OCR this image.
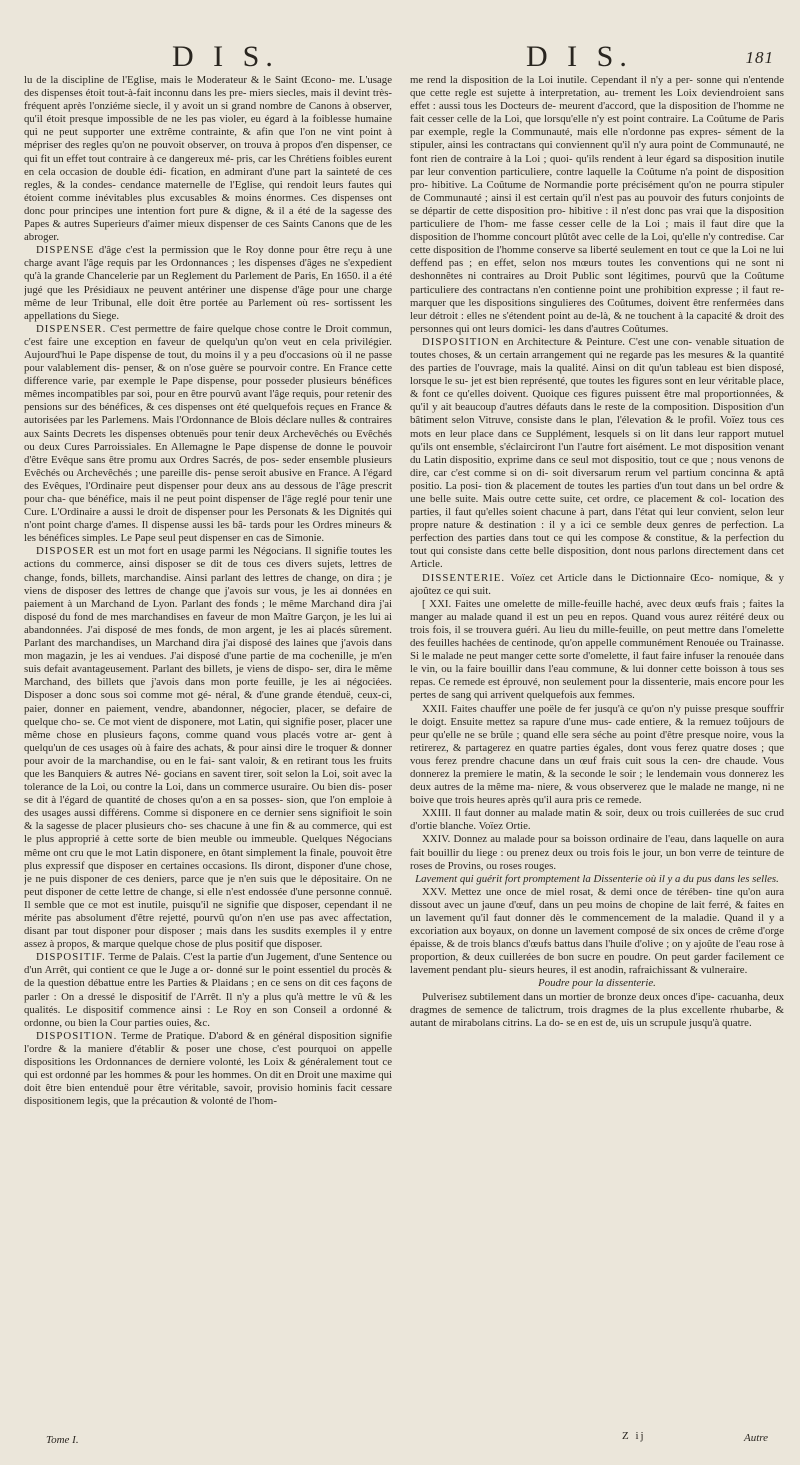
D I S.	D I S.	181

lu de la discipline de l'Eglise, mais le Moderateur & le Saint Œcono- me. L'usage des dispenses étoit tout-à-fait inconnu dans les pre- miers siecles, mais il devint très-fréquent après l'onziéme siecle, il y avoit un si grand nombre de Canons à observer, qu'il étoit presque impossible de ne les pas violer, eu égard à la foiblesse humaine qui ne peut supporter une extrême contrainte, & afin que l'on ne vint point à mépriser des regles qu'on ne pouvoit observer, on trouva à propos d'en dispenser, ce qui fit un effet tout contraire à ce dangereux mé- pris, car les Chrétiens foibles eurent en cela occasion de double édi- fication, en admirant d'une part la sainteté de ces regles, & la condes- cendance maternelle de l'Eglise, qui rendoit leurs fautes qui étoient comme inévitables plus excusables & moins énormes. Ces dispenses ont donc pour principes une intention fort pure & digne, & il a été de la sagesse des Papes & autres Superieurs d'aimer mieux dispenser de ces Saints Canons que de les abroger.

DISPENSE d'âge c'est la permission que le Roy donne pour être reçu à une charge avant l'âge requis par les Ordonnances ; les dispenses d'âges ne s'expedient qu'à la grande Chancelerie par un Reglement du Parlement de Paris, En 1650. il a été jugé que les Présidiaux ne peuvent antériner une dispense d'âge pour une charge même de leur Tribunal, elle doit être portée au Parlement où res- sortissent les appellations du Siege.

DISPENSER. C'est permettre de faire quelque chose contre le Droit commun, c'est faire une exception en faveur de quelqu'un qu'on veut en cela privilégier. Aujourd'hui le Pape dispense de tout, du moins il y a peu d'occasions où il ne passe pour valablement dis- penser, & on n'ose guère se pourvoir contre. En France cette difference varie, par exemple le Pape dispense, pour posseder plusieurs bénéfices mêmes incompatibles par soi, pour en être pourvû avant l'âge requis, pour retenir des pensions sur des bénéfices, & ces dispenses ont été quelquefois reçues en France & autorisées par les Parlemens. Mais l'Ordonnance de Blois déclare nulles & contraires aux Saints Decrets les dispenses obtenuës pour tenir deux Archevêchés ou Evêchés ou deux Cures Parroissiales. En Allemagne le Pape dispense de donne le pouvoir d'être Evêque sans être promu aux Ordres Sacrés, de pos- seder ensemble plusieurs Evêchés ou Archevêchés ; une pareille dis- pense seroit abusive en France. A l'égard des Evêques, l'Ordinaire peut dispenser pour deux ans au dessous de l'âge prescrit pour cha- que bénéfice, mais il ne peut point dispenser de l'âge reglé pour tenir une Cure. L'Ordinaire a aussi le droit de dispenser pour les Personats & les Dignités qui n'ont point charge d'ames. Il dispense aussi les bâ- tards pour les Ordres mineurs & les bénéfices simples. Le Pape seul peut dispenser en cas de Simonie.

DISPOSER est un mot fort en usage parmi les Négocians. Il signifie toutes les actions du commerce, ainsi disposer se dit de tous ces divers sujets, lettres de change, fonds, billets, marchandise. Ainsi parlant des lettres de change, on dira ; je viens de disposer des lettres de change que j'avois sur vous, je les ai données en paiement à un Marchand de Lyon. Parlant des fonds ; le même Marchand dira j'ai disposé du fond de mes marchandises en faveur de mon Maître Garçon, je les lui ai abandonnées. J'ai disposé de mes fonds, de mon argent, je les ai placés sûrement. Parlant des marchandises, un Marchand dira j'ai disposé des laines que j'avois dans mon magazin, je les ai vendues. J'ai disposé d'une partie de ma cochenille, je m'en suis defait avantageusement. Parlant des billets, je viens de dispo- ser, dira le même Marchand, des billets que j'avois dans mon porte feuille, je les ai négociées. Disposer a donc sous soi comme mot gé- néral, & d'une grande étenduë, ceux-ci, paier, donner en paiement, vendre, abandonner, négocier, placer, se defaire de quelque cho- se. Ce mot vient de disponere, mot Latin, qui signifie poser, placer une même chose en plusieurs façons, comme quand vous placés votre ar- gent à quelqu'un de ces usages où à faire des achats, & pour ainsi dire le troquer & donner pour avoir de la marchandise, ou en le fai- sant valoir, & en retirant tous les fruits que les Banquiers & autres Né- gocians en savent tirer, soit selon la Loi, soit avec la tolerance de la Loi, ou contre la Loi, dans un commerce usuraire. Ou bien dis- poser se dit à l'égard de quantité de choses qu'on a en sa posses- sion, que l'on emploie à des usages aussi différens. Comme si disponere en ce dernier sens signifioit le soin & la sagesse de placer plusieurs cho- ses chacune à une fin & au commerce, qui est le plus approprié à cette sorte de bien meuble ou immeuble. Quelques Négocians même ont cru que le mot Latin disponere, en ôtant simplement la finale, pouvoit être plus expressif que disposer en certaines occasions. Ils diront, disponer d'une chose, je ne puis disponer de ces deniers, parce que je n'en suis que le dépositaire. On ne peut disponer de cette lettre de change, si elle n'est endossée d'une personne connuë. Il semble que ce mot est inutile, puisqu'il ne signifie que disposer, cependant il ne mérite pas absolument d'être rejetté, pourvû qu'on n'en use pas avec affectation, disant par tout disponer pour disposer ; mais dans les susdits exemples il y entre assez à propos, & marque quelque chose de plus positif que disposer.

DISPOSITIF. Terme de Palais. C'est la partie d'un Jugement, d'une Sentence ou d'un Arrêt, qui contient ce que le Juge a or- donné sur le point essentiel du procès & de la question débattue entre les Parties & Plaidans ; en ce sens on dit ces façons de parler : On a dressé le dispositif de l'Arrêt. Il n'y a plus qu'à mettre le vû & les qualités. Le dispositif commence ainsi : Le Roy en son Conseil a ordonné & ordonne, ou bien la Cour parties ouies, &c.

DISPOSITION. Terme de Pratique. D'abord & en général disposition signifie l'ordre & la maniere d'établir & poser une chose, c'est pourquoi on appelle dispositions les Ordonnances de derniere volonté, les Loix & généralement tout ce qui est ordonné par les hommes & pour les hommes. On dit en Droit une maxime qui doit être bien entenduë pour être véritable, savoir, provisio hominis facit cessare dispositionem legis, que la précaution & volonté de l'hom-

me rend la disposition de la Loi inutile. Cependant il n'y a per- sonne qui n'entende que cette regle est sujette à interpretation, au- trement les Loix deviendroient sans effet : aussi tous les Docteurs de- meurent d'accord, que la disposition de l'homme ne fait cesser celle de la Loi, que lorsqu'elle n'y est point contraire. La Coûtume de Paris par exemple, regle la Communauté, mais elle n'ordonne pas expres- sément de la stipuler, ainsi les contractans qui conviennent qu'il n'y aura point de Communauté, ne font rien de contraire à la Loi ; quoi- qu'ils rendent à leur égard sa disposition inutile par leur convention particuliere, contre laquelle la Coûtume n'a point de disposition pro- hibitive. La Coûtume de Normandie porte précisément qu'on ne pourra stipuler de Communauté ; ainsi il est certain qu'il n'est pas au pouvoir des futurs conjoints de se départir de cette disposition pro- hibitive : il n'est donc pas vrai que la disposition particuliere de l'hom- me fasse cesser celle de la Loi ; mais il faut dire que la disposition de l'homme concourt plûtôt avec celle de la Loi, qu'elle n'y contredise. Car cette disposition de l'homme conserve sa liberté seulement en tout ce que la Loi ne lui deffend pas ; en effet, selon nos mœurs toutes les conventions qui ne sont ni deshonnêtes ni contraires au Droit Public sont légitimes, pourvû que la Coûtume particuliere des contractans n'en contienne point une prohibition expresse ; il faut re- marquer que les dispositions singulieres des Coûtumes, doivent être renfermées dans leur détroit : elles ne s'étendent point au de-là, & ne touchent à la capacité & droit des personnes qui ont leurs domici- les dans d'autres Coûtumes.

DISPOSITION en Architecture & Peinture. C'est une con- venable situation de toutes choses, & un certain arrangement qui ne regarde pas les mesures & la quantité des parties de l'ouvrage, mais la qualité. Ainsi on dit qu'un tableau est bien disposé, lorsque le su- jet est bien représenté, que toutes les figures sont en leur véritable place, & font ce qu'elles doivent. Quoique ces figures puissent être mal proportionnées, & qu'il y ait beaucoup d'autres défauts dans le reste de la composition. Disposition d'un bâtiment selon Vitruve, consiste dans le plan, l'élevation & le profil. Voïez tous ces mots en leur place dans ce Supplément, lesquels si on lit dans leur rapport mutuel qu'ils ont ensemble, s'éclairciront l'un l'autre fort aisément. Le mot disposition venant du Latin dispositio, exprime dans ce seul mot dispositio, tout ce que ; nous venons de dire, car c'est comme si on di- soit diversarum rerum vel partium concinna & aptâ positio. La posi- tion & placement de toutes les parties d'un tout dans un bel ordre & une belle suite. Mais outre cette suite, cet ordre, ce placement & col- location des parties, il faut qu'elles soient chacune à part, dans l'état qui leur convient, selon leur propre nature & destination : il y a ici ce semble deux genres de perfection. La perfection des parties dans tout ce qui les compose & constitue, & la perfection du tout qui consiste dans cette belle disposition, dont nous parlons directement dans cet Article.

DISSENTERIE. Voïez cet Article dans le Dictionnaire Œco- nomique, & y ajoûtez ce qui suit.

[ XXI. Faites une omelette de mille-feuille haché, avec deux œufs frais ; faites la manger au malade quand il est un peu en repos. Quand vous aurez réitéré deux ou trois fois, il se trouvera guéri. Au lieu du mille-feuille, on peut mettre dans l'omelette des feuilles hachées de centinode, qu'on appelle communément Renouée ou Trainasse. Si le malade ne peut manger cette sorte d'omelette, il faut faire infuser la renouée dans le vin, ou la faire bouillir dans l'eau commune, & lui donner cette boisson à tous ses repas. Ce remede est éprouvé, non seulement pour la dissenterie, mais encore pour les pertes de sang qui arrivent quelquefois aux femmes.

XXII. Faites chauffer une poële de fer jusqu'à ce qu'on n'y puisse presque souffrir le doigt. Ensuite mettez sa rapure d'une mus- cade entiere, & la remuez toûjours de peur qu'elle ne se brûle ; quand elle sera séche au point d'être presque noire, vous la retirerez, & partagerez en quatre parties égales, dont vous ferez quatre doses ; que vous ferez prendre chacune dans un œuf frais cuit sous la cen- dre chaude. Vous donnerez la premiere le matin, & la seconde le soir ; le lendemain vous donnerez les deux autres de la même ma- niere, & vous observerez que le malade ne mange, ni ne boive que trois heures après qu'il aura pris ce remede.

XXIII. Il faut donner au malade matin & soir, deux ou trois cuillerées de suc crud d'ortie blanche. Voïez Ortie.

XXIV. Donnez au malade pour sa boisson ordinaire de l'eau, dans laquelle on aura fait bouillir du liege : ou prenez deux ou trois fois le jour, un bon verre de teinture de roses de Provins, ou roses rouges.

Lavement qui guérit fort promptement la Dissenterie où il y a du pus dans les selles.

XXV. Mettez une once de miel rosat, & demi once de térében- tine qu'on aura dissout avec un jaune d'œuf, dans un peu moins de chopine de lait ferré, & faites en un lavement qu'il faut donner dès le commencement de la maladie. Quand il y a excoriation aux boyaux, on donne un lavement composé de six onces de crême d'orge épaisse, & de trois blancs d'œufs battus dans l'huile d'olive ; on y ajoûte de l'eau rose à proportion, & deux cuillerées de bon sucre en poudre. On peut garder facilement ce lavement pendant plu- sieurs heures, il est anodin, rafraichissant & vulneraire.

Poudre pour la dissenterie.

Pulverisez subtilement dans un mortier de bronze deux onces d'ipe- cacuanha, deux dragmes de semence de talictrum, trois dragmes de la plus excellente rhubarbe, & autant de mirabolans citrins. La do- se en est de, uis un scrupule jusqu'à quatre.

Tome I.	Z ij	Autre
